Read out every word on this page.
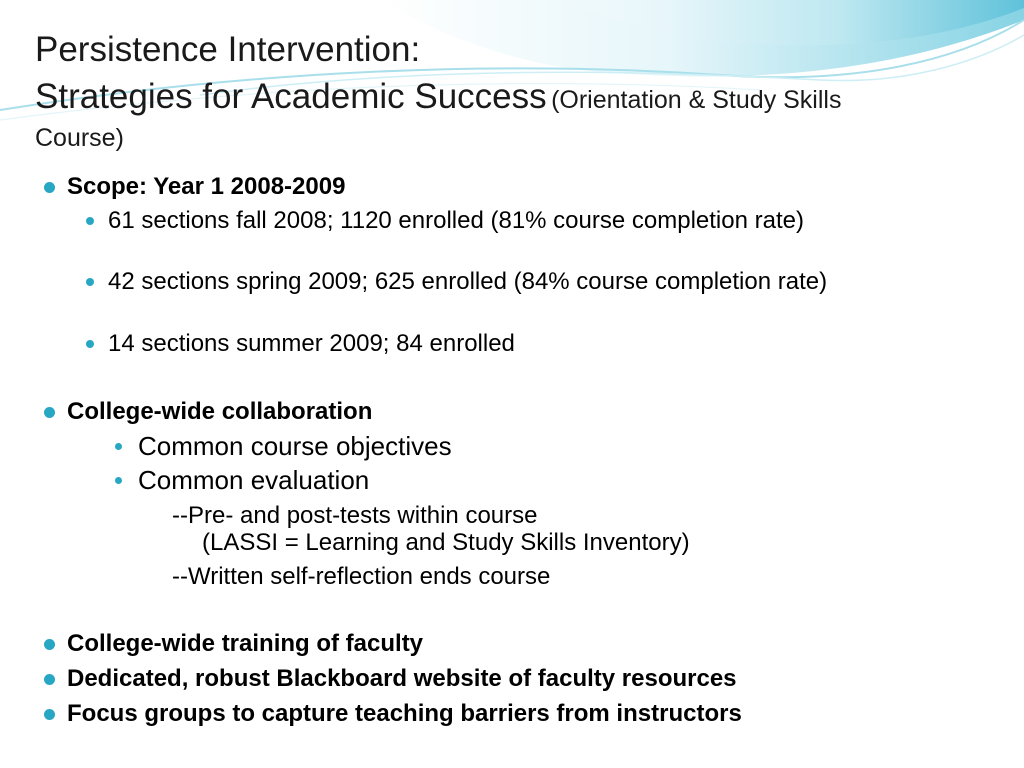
Persistence Intervention:
Strategies for Academic Success (Orientation & Study Skills
Course)
Scope: Year 1 2008-2009
61 sections fall 2008; 1120 enrolled (81% course completion rate)
42 sections spring 2009; 625 enrolled (84% course completion rate)
14 sections summer 2009; 84 enrolled
College-wide collaboration
Common course objectives
Common evaluation
--Pre- and post-tests within course
(LASSI = Learning and Study Skills Inventory)
--Written self-reflection ends course
College-wide training of faculty
Dedicated, robust Blackboard website of faculty resources
Focus groups to capture teaching barriers from instructors
